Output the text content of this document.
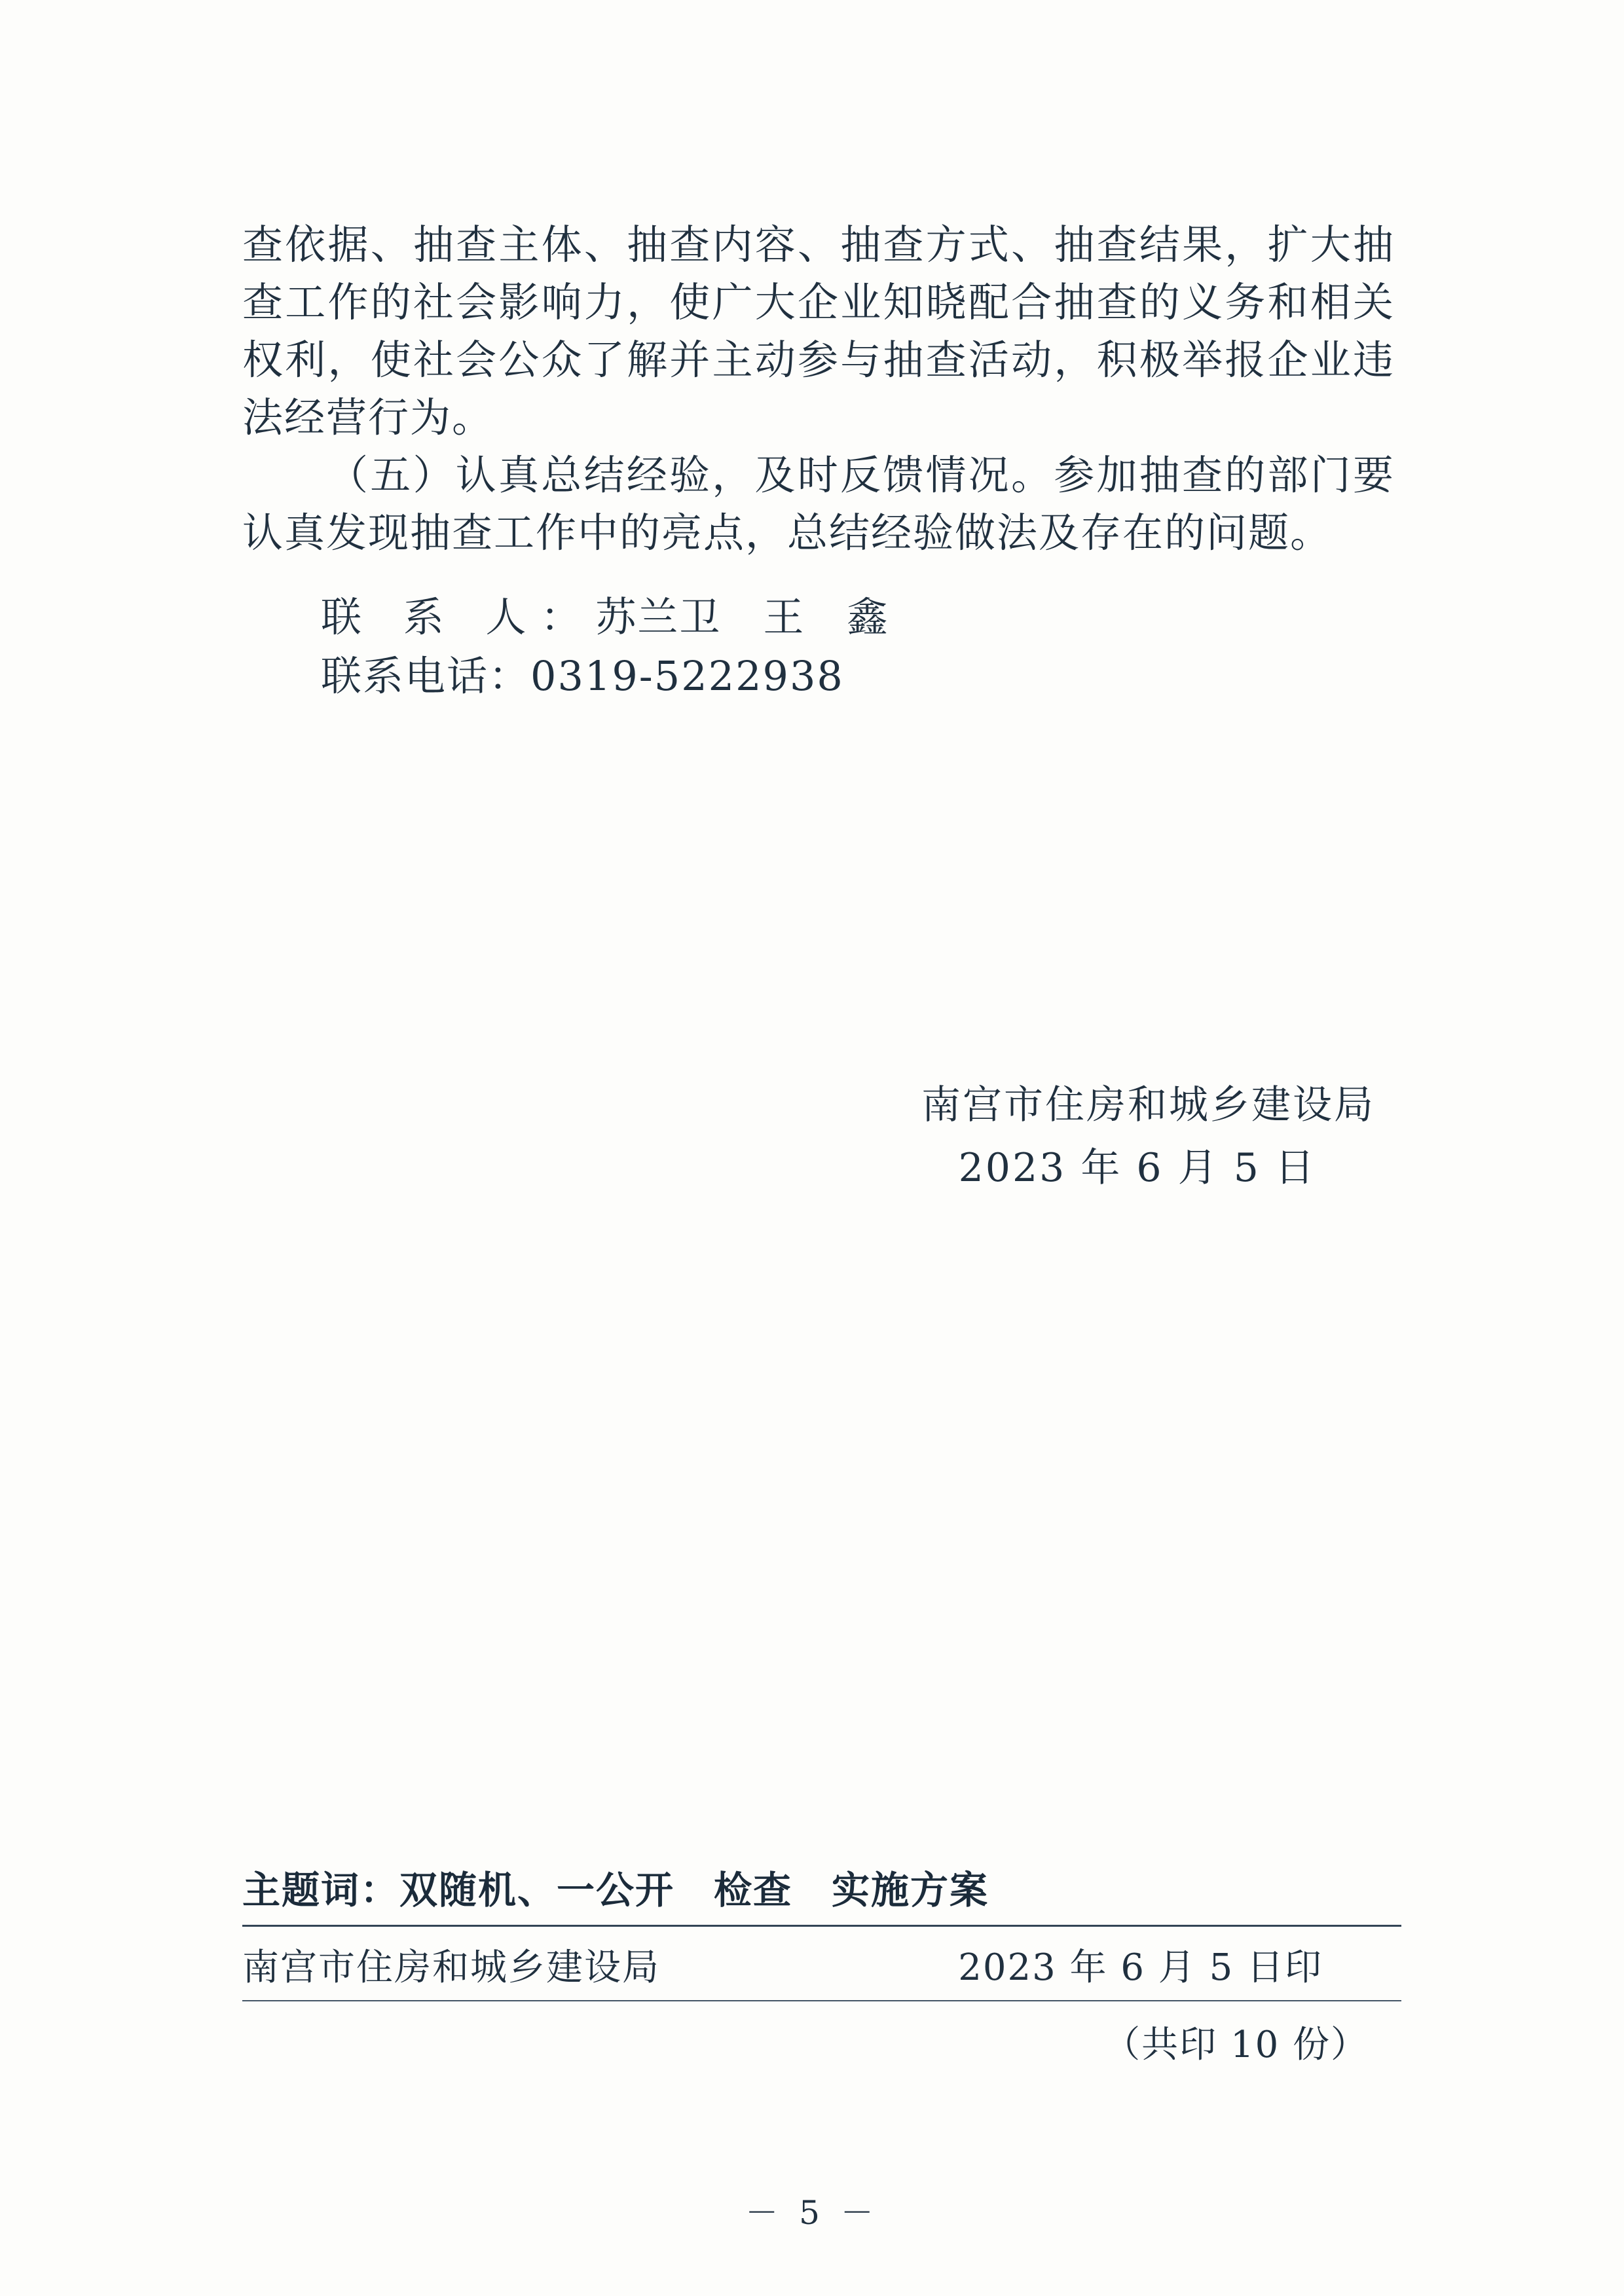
查依据、抽查主体、抽查内容、抽查方式、抽查结果，扩大抽查工作的社会影响力，使广大企业知晓配合抽查的义务和相关权利，使社会公众了解并主动参与抽查活动，积极举报企业违法经营行为。

（五）认真总结经验，及时反馈情况。参加抽查的部门要认真发现抽查工作中的亮点，总结经验做法及存在的问题。

联 系 人：苏兰卫　王　鑫
联系电话：0319-5222938
南宫市住房和城乡建设局
2023 年 6 月 5 日
主题词：双随机、一公开　检查　实施方案
南宫市住房和城乡建设局	2023 年 6 月 5 日印
（共印 10 份）
－ 5 －
